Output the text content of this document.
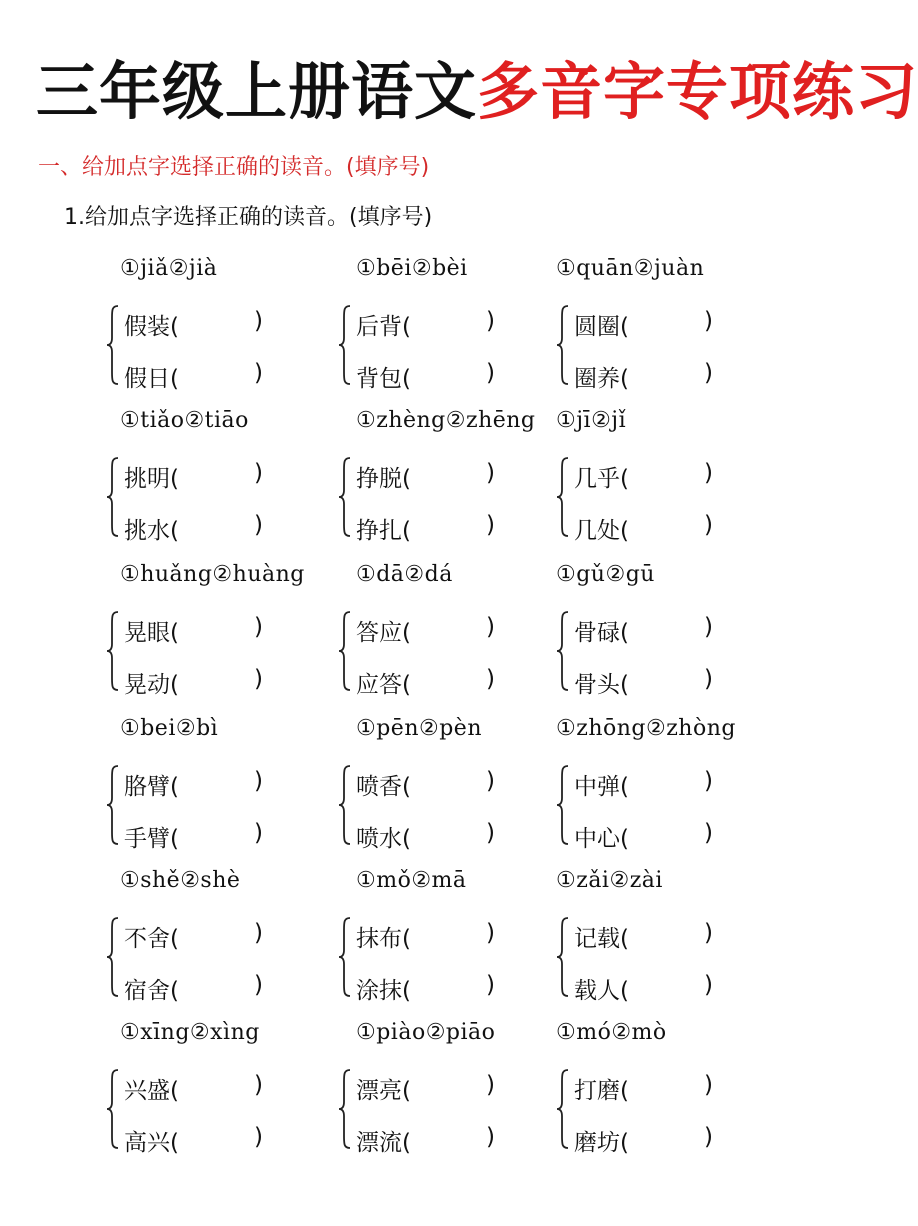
三年级上册语文多音字专项练习
一、给加点字选择正确的读音。(填序号)
1.给加点字选择正确的读音。(填序号)
①jiǎ②jià
假装(	)
假日(	)
①bēi②bèi
后背(	)
背包(	)
①quān②juàn
圆圈(	)
圈养(	)
①tiǎo②tiāo
挑明(	)
挑水(	)
①zhèng②zhēng
挣脱(	)
挣扎(	)
①jī②jǐ
几乎(	)
几处(	)
①huǎng②huàng
晃眼(	)
晃动(	)
①dā②dá
答应(	)
应答(	)
①gǔ②gū
骨碌(	)
骨头(	)
①bei②bì
胳臂(	)
手臂(	)
①pēn②pèn
喷香(	)
喷水(	)
①zhōng②zhòng
中弹(	)
中心(	)
①shě②shè
不舍(	)
宿舍(	)
①mǒ②mā
抹布(	)
涂抹(	)
①zǎi②zài
记载(	)
载人(	)
①xīng②xìng
兴盛(	)
高兴(	)
①piào②piāo
漂亮(	)
漂流(	)
①mó②mò
打磨(	)
磨坊(	)
